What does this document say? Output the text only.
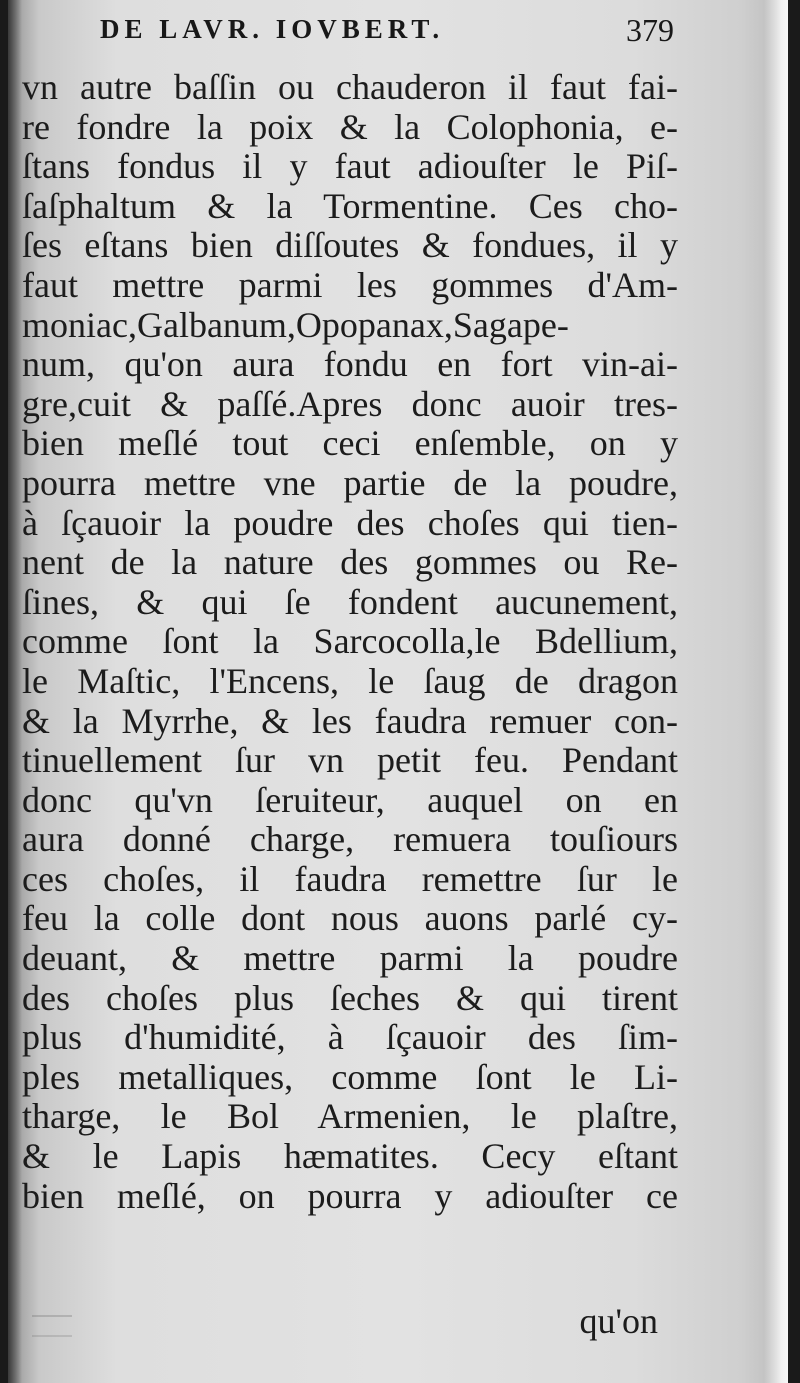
DE LAVR. IOVBERT.	379
vn autre baſſin ou chauderon il faut fai-
re fondre la poix & la Colophonia, e-
ſtans fondus il y faut adiouſter le Piſ-
ſaſphaltum & la Tormentine. Ces cho-
ſes eſtans bien diſſoutes & fondues, il y
faut mettre parmi les gommes d'Am-
moniac,Galbanum,Opopanax,Sagape-
num, qu'on aura fondu en fort vin-ai-
gre,cuit & paſſé.Apres donc auoir tres-
bien meſlé tout ceci enſemble, on y
pourra mettre vne partie de la poudre,
à ſçauoir la poudre des choſes qui tien-
nent de la nature des gommes ou Re-
ſines, & qui ſe fondent aucunement,
comme ſont la Sarcocolla,le Bdellium,
le Maſtic, l'Encens, le ſaug de dragon
& la Myrrhe, & les faudra remuer con-
tinuellement ſur vn petit feu. Pendant
donc qu'vn ſeruiteur, auquel on en
aura donné charge, remuera touſiours
ces choſes, il faudra remettre ſur le
feu la colle dont nous auons parlé cy-
deuant, & mettre parmi la poudre
des choſes plus ſeches & qui tirent
plus d'humidité, à ſçauoir des ſim-
ples metalliques, comme ſont le Li-
tharge, le Bol Armenien, le plaſtre,
& le Lapis hæmatites. Cecy eſtant
bien meſlé, on pourra y adiouſter ce
qu'on
